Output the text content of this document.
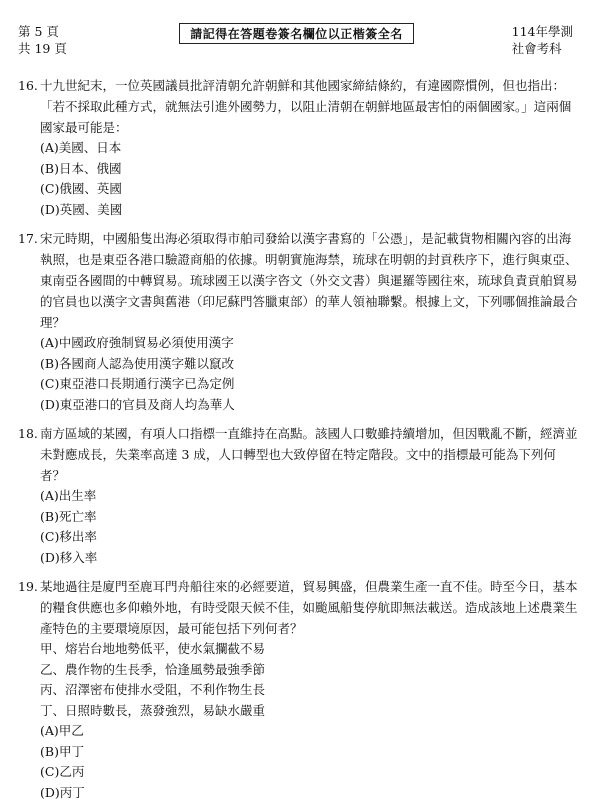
第 5 頁
共 19 頁
請記得在答題卷簽名欄位以正楷簽全名	114年學測
社會考科
16. 十九世紀末，一位英國議員批評清朝允許朝鮮和其他國家締結條約，有違國際慣例，但也指出：「若不採取此種方式，就無法引進外國勢力，以阻止清朝在朝鮮地區最害怕的兩個國家。」這兩個國家最可能是：
(A)美國、日本
(B)日本、俄國
(C)俄國、英國
(D)英國、美國
17. 宋元時期，中國船隻出海必須取得市舶司發給以漢字書寫的「公憑」，是記載貨物相關內容的出海執照，也是東亞各港口驗證商船的依據。明朝實施海禁，琉球在明朝的封貢秩序下，進行與東亞、東南亞各國間的中轉貿易。琉球國王以漢字咨文（外交文書）與暹羅等國往來，琉球負責貢舶貿易的官員也以漢字文書與舊港（印尼蘇門答臘東部）的華人領袖聯繫。根據上文，下列哪個推論最合理？
(A)中國政府強制貿易必須使用漢字
(B)各國商人認為使用漢字難以竄改
(C)東亞港口長期通行漢字已為定例
(D)東亞港口的官員及商人均為華人
18. 南方區域的某國，有項人口指標一直維持在高點。該國人口數雖持續增加，但因戰亂不斷，經濟並未對應成長，失業率高達 3 成，人口轉型也大致停留在特定階段。文中的指標最可能為下列何者？
(A)出生率
(B)死亡率
(C)移出率
(D)移入率
19. 某地過往是廈門至鹿耳門舟船往來的必經要道，貿易興盛，但農業生產一直不佳。時至今日，基本的糧食供應也多仰賴外地，有時受限天候不佳，如颱風船隻停航即無法載送。造成該地上述農業生產特色的主要環境原因，最可能包括下列何者？
甲、熔岩台地地勢低平，使水氣攔截不易
乙、農作物的生長季，恰逢風勢最強季節
丙、沼澤密布使排水受阻，不利作物生長
丁、日照時數長，蒸發強烈，易缺水嚴重
(A)甲乙
(B)甲丁
(C)乙丙
(D)丙丁
